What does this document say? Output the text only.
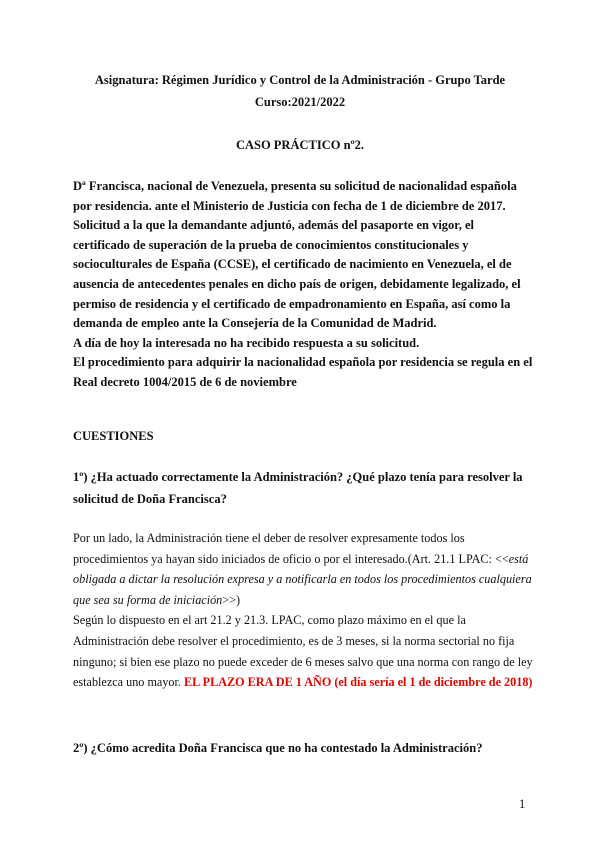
Asignatura: Régimen Jurídico y Control de la Administración - Grupo Tarde
Curso:2021/2022
CASO PRÁCTICO nº2.

Dª Francisca, nacional de Venezuela, presenta su solicitud de nacionalidad española por residencia. ante el Ministerio de Justicia con fecha de 1 de diciembre de 2017. Solicitud a la que la demandante adjuntó, además del pasaporte en vigor, el certificado de superación de la prueba de conocimientos constitucionales y socioculturales de España (CCSE), el certificado de nacimiento en Venezuela, el de ausencia de antecedentes penales en dicho país de origen, debidamente legalizado, el permiso de residencia y el certificado de empadronamiento en España, así como la demanda de empleo ante la Consejería de la Comunidad de Madrid.

A día de hoy la interesada no ha recibido respuesta a su solicitud.

El procedimiento para adquirir la nacionalidad española por residencia se regula en el Real decreto 1004/2015 de 6 de noviembre

CUESTIONES
1º) ¿Ha actuado correctamente la Administración? ¿Qué plazo tenía para resolver la solicitud de Doña Francisca?

Por un lado, la Administración tiene el deber de resolver expresamente todos los procedimientos ya hayan sido iniciados de oficio o por el interesado.(Art. 21.1 LPAC: <<está obligada a dictar la resolución expresa y a notificarla en todos los procedimientos cualquiera que sea su forma de iniciación>>)

Según lo dispuesto en el art 21.2 y 21.3. LPAC, como plazo máximo en el que la Administración debe resolver el procedimiento, es de 3 meses, si la norma sectorial no fija ninguno; si bien ese plazo no puede exceder de 6 meses salvo que una norma con rango de ley establezca uno mayor. EL PLAZO ERA DE 1 AÑO (el día sería el 1 de diciembre de 2018)

2º) ¿Cómo acredita Doña Francisca que no ha contestado la Administración?
1
